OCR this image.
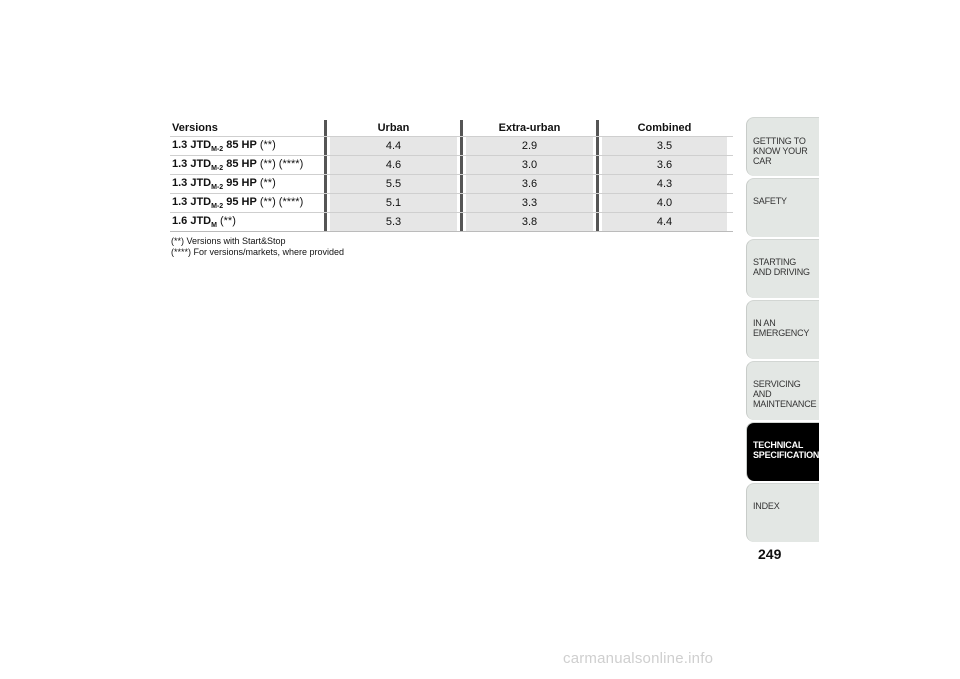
Versions	Urban	Extra-urban	Combined
1.3 $JTD_{M-2}$ 85 HP (**)	4.4	2.9	3.5
1.3 $JTD_{M-2}$ 85 HP (**) (****)	4.6	3.0	3.6
1.3 $JTD_{M-2}$ 95 HP (**)	5.5	3.6	4.3
1.3 $JTD_{M-2}$ 95 HP (**) (****)	5.1	3.3	4.0
1.6 $JTD_M$ (**)	5.3	3.8	4.4
(**) Versions with Start&Stop
(****) For versions/markets, where provided
GETTING TO KNOW YOUR CAR
SAFETY
STARTING AND DRIVING
IN AN EMERGENCY
SERVICING AND MAINTENANCE
TECHNICAL SPECIFICATIONS
INDEX
249
carmanualsonline.info
